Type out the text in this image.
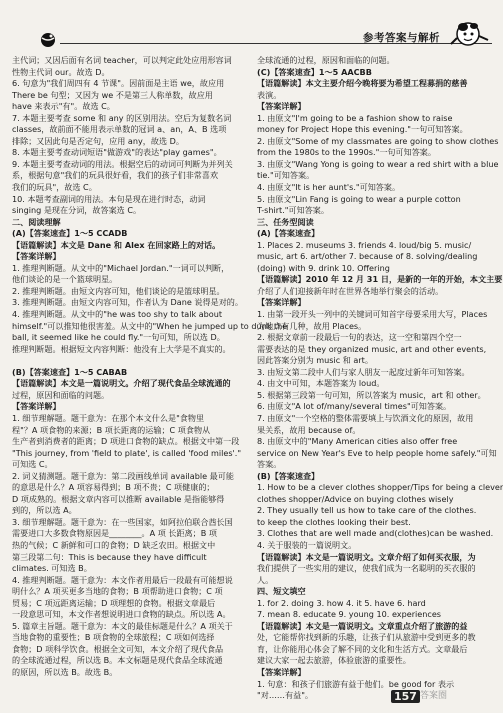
参考答案与解析
主代词；又因后面有名词 teacher，可以判定此处应用形容词
性物主代词 our。故选 D。
6. 句意为"我们周四有 4 节课"。因前面是主语 we，故应用
There be 句型；又因为 we 不是第三人称单数，故应用
have 来表示"有"。故选 C。
7. 本题主要考查 some 和 any 的区别用法。空后为复数名词
classes，故前面不能用表示单数的冠词 a、an，A、B 选项
排除；又因此句是否定句，应用 any，故选 D。
8. 本题主要考查动词短语"做游戏"的表达"play games"。
9. 本题主要考查动词的用法。根据空后的动词可判断为并列关
系，根据句意"我们的玩具很好看，我们的孩子们非常喜欢
我们的玩具"，故选 C。
10. 本题考查副词的用法。本句是现在进行时态，动词
singing 是现在分词，故答案选 C。
二、阅读理解
(A)【答案速查】1～5 CCADB
【语篇解读】本文是 Dane 和 Alex 在回家路上的对话。
【答案详解】
1. 推理判断题。从文中的"Michael Jordan."一词可以判断，
他们谈论的是一个篮球明星。
2. 推理判断题。由短文内容可知，他们谈论的是篮球明星。
3. 推理判断题。由短文内容可知，作者认为 Dane 说得是对的。
4. 推理判断题。从文中的"he was too shy to talk about
himself."可以推知他很害羞。从文中的"When he jumped up to dunk the
ball, it seemed like he could fly."一句可知，所以选 D。
推理判断题。根据短文内容判断：他没有上大学是不真实的。
(B)【答案速查】1～5 CABAB
【语篇解读】本文是一篇说明文。介绍了现代食品全球流通的
过程，原因和面临的问题。
【答案详解】
1. 细节理解题。题干意为：在那个本文什么是"食物里
程"？A 项食物的来源；B 项长距离的运输；C 项食物从
生产者到消费者的距离；D 项进口食物的缺点。根据文中第一段
"This journey, from 'field to plate', is called 'food miles'."
可知选 C。
2. 词义猜测题。题干意为：第二段画线单词 available 最可能
的意思是什么？A 项容易得到；B 项不贵；C 项健康的；
D 项成熟的。根据文章内容可以推断 available 是指能够得
到的，所以选 A。
3. 细节理解题。题干意为：在一些国家，如阿拉伯联合酋长国
需要进口大多数食物原因是________。A 项 长距离；B 项
热的气候；C 新鲜和可口的食物；D 缺乏农田。根据文中
第三段第二句：This is because they have difficult
climates. 可知选 B。
4. 推理判断题。题干意为：本文作者用最后一段最有可能想说
明什么？A 项买更多当地的食物；B 项帮助进口食物；C 项
贸易；C 项远距离运输；D 项理想的食物。根据文章最后
一段意思可知，本文作者想说明进口食物的缺点。所以选 A。
5. 篇章主旨题。题干意为：本文的最佳标题是什么？A 项关于
当地食物的重要性；B 项食物的全球旅程；C 项如何选择
食物；D 项科学饮食。根据全文可知，本文介绍了现代食品
的全球流通过程，所以选 B。本文标题是现代食品全球流通
的原因，所以选 B。故选 B。
全球流通的过程，原因和面临的问题。
(C)【答案速查】1～5 AACBB
【语篇解读】本文主要介绍今晚将要为希望工程募捐的慈善
表演。
【答案详解】
1. 由原文"I'm going to be a fashion show to raise
money for Project Hope this evening."一句可知答案。
2. 由原文"Some of my classmates are going to show clothes
from the 1980s to the 1990s."一句可知答案。
3. 由原文"Wang Yong is going to wear a red shirt with a blue
tie."可知答案。
4. 由原文"It is her aunt's."可知答案。
5. 由原文"Lin Fang is going to wear a purple cotton
T-shirt."可知答案。
三、任务型阅读
(A)【答案速查】
1. Places 2. museums 3. friends 4. loud/big 5. music/
music, art 6. art/other 7. because of 8. solving/dealing
(doing) with 9. drink 10. Offering
【语篇解读】2010 年 12 月 31 日，是新的一年的开始，本文主要
介绍了人们迎接新年时在世界各地举行聚会的活动。
【答案详解】
1. 由第一段开头一列中的关键词可知首字母要采用大写，Places
为地点有几种，故用 Places。
2. 根据文章前一段最后一句的表达，这一空和第四个空一
需要表达的是 they organized music, art and other events,
因此答案分别为 music 和 art。
3. 由短文第二段中人们与家人朋友一起度过新年可知答案。
4. 由文中可知，本题答案为 loud。
5. 根据第三段第一句可知，所以答案为 music，art 和 other。
6. 由原文"A lot of/many/several times"可知答案。
7. 由原文"一个空格的整体需要填上与饮酒文化的原因，故用
果关系，故用 because of。
8. 由原文中的"Many American cities also offer free
service on New Year's Eve to help people home safely."可知
答案。
(B)【答案速查】
1. How to be a clever clothes shopper/Tips for being a clever
clothes shopper/Advice on buying clothes wisely
2. They usually tell us how to take care of the clothes.
to keep the clothes looking their best.
3. Clothes that are well made and(clothes)can be washed.
4. 关于服装的一篇说明文。
【语篇解读】本文是一篇说明文。文章介绍了如何买衣服，为
我们提供了一些实用的建议，使我们成为一名聪明的买衣服的
人。
四、短文填空
1. for 2. doing 3. how 4. it 5. have 6. hard
7. mean 8. educate 9. young 10. experiences
【语篇解读】本文是一篇说明文。文章重点介绍了旅游的益
处，它能帮你找到新的乐趣，让孩子们从旅游中受到更多的教
育，让你能用心体会了解不同的文化和生活方式。文章最后
建议大家一起去旅游，体验旅游的重要性。
【答案详解】
1. 句意：和孩子们旅游有益于他们。be good for 表示
"对……有益"。	157 答案圈
